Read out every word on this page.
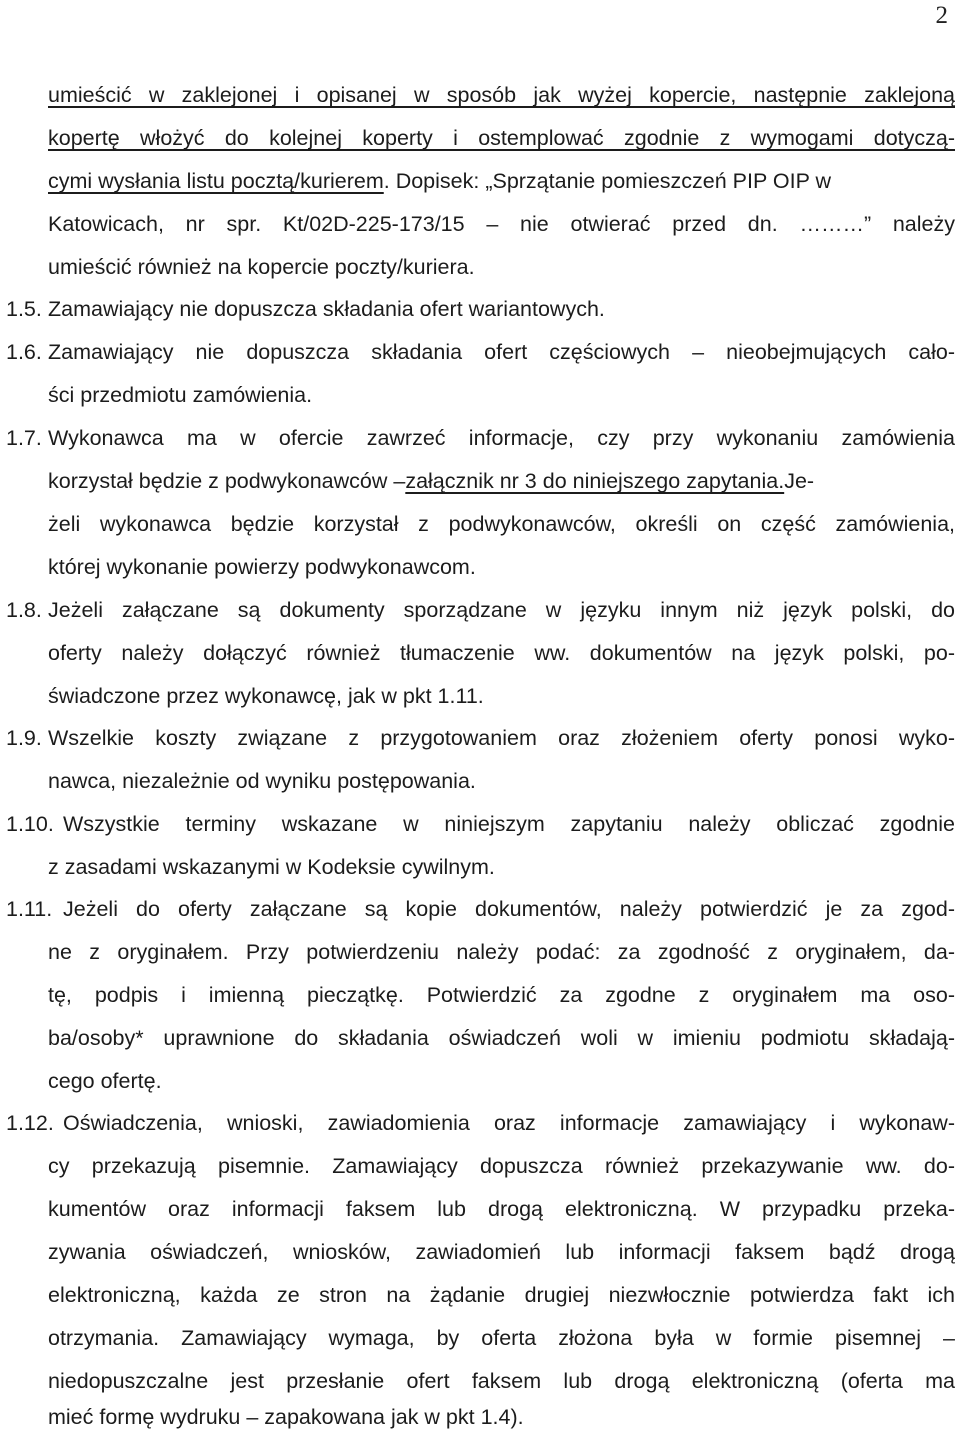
2
umieścić w zaklejonej i opisanej w sposób jak wyżej kopercie, następnie zaklejoną
kopertę włożyć do kolejnej koperty i ostemplować zgodnie z wymogami dotyczą-
cymi wysłania listu pocztą/kurierem. Dopisek: „Sprzątanie pomieszczeń PIP OIP w
Katowicach, nr spr. Kt/02D-225-173/15 – nie otwierać przed dn. ………” należy
umieścić również na kopercie poczty/kuriera.
1.5. Zamawiający nie dopuszcza składania ofert wariantowych.
1.6. Zamawiający nie dopuszcza składania ofert częściowych – nieobejmujących cało-
ści przedmiotu zamówienia.
1.7. Wykonawca ma w ofercie zawrzeć informacje, czy przy wykonaniu zamówienia
korzystał będzie z podwykonawców –załącznik nr 3 do niniejszego zapytania.Je-
żeli wykonawca będzie korzystał z podwykonawców, określi on część zamówienia,
której wykonanie powierzy podwykonawcom.
1.8. Jeżeli załączane są dokumenty sporządzane w języku innym niż język polski, do
oferty należy dołączyć również tłumaczenie ww. dokumentów na język polski, po-
świadczone przez wykonawcę, jak w pkt 1.11.
1.9. Wszelkie koszty związane z przygotowaniem oraz złożeniem oferty ponosi wyko-
nawca, niezależnie od wyniku postępowania.
1.10. Wszystkie terminy wskazane w niniejszym zapytaniu należy obliczać zgodnie
z zasadami wskazanymi w Kodeksie cywilnym.
1.11. Jeżeli do oferty załączane są kopie dokumentów, należy potwierdzić je za zgod-
ne z oryginałem. Przy potwierdzeniu należy podać: za zgodność z oryginałem, da-
tę, podpis i imienną pieczątkę. Potwierdzić za zgodne z oryginałem ma oso-
ba/osoby* uprawnione do składania oświadczeń woli w imieniu podmiotu składają-
cego ofertę.
1.12. Oświadczenia, wnioski, zawiadomienia oraz informacje zamawiający i wykonaw-
cy przekazują pisemnie. Zamawiający dopuszcza również przekazywanie ww. do-
kumentów oraz informacji faksem lub drogą elektroniczną. W przypadku przeka-
zywania oświadczeń, wniosków, zawiadomień lub informacji faksem bądź drogą
elektroniczną, każda ze stron na żądanie drugiej niezwłocznie potwierdza fakt ich
otrzymania. Zamawiający wymaga, by oferta złożona była w formie pisemnej –
niedopuszczalne jest przesłanie ofert faksem lub drogą elektroniczną (oferta ma
mieć formę wydruku – zapakowana jak w pkt 1.4).
